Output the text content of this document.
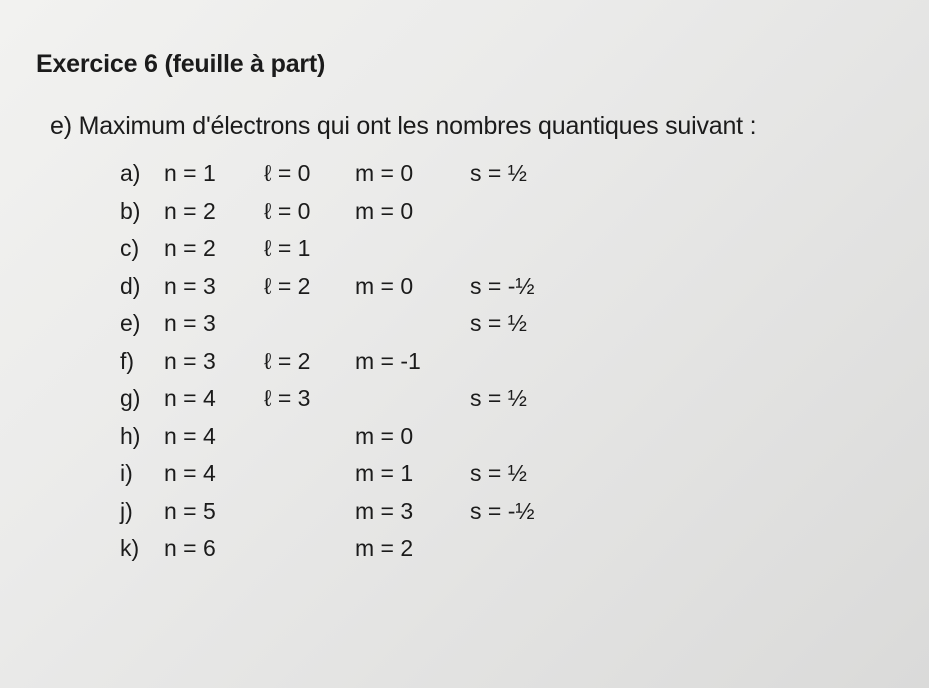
Exercice 6 (feuille à part)
e) Maximum d'électrons qui ont les nombres quantiques suivant :
a) n = 1 ℓ = 0 m = 0 s = ½
b) n = 2 ℓ = 0 m = 0
c) n = 2 ℓ = 1
d) n = 3 ℓ = 2 m = 0 s = -½
e) n = 3	s = ½
f) n = 3 ℓ = 2 m = -1
g) n = 4 ℓ = 3	s = ½
h) n = 4	m = 0
i) n = 4	m = 1 s = ½
j) n = 5	m = 3 s = -½
k) n = 6	m = 2
